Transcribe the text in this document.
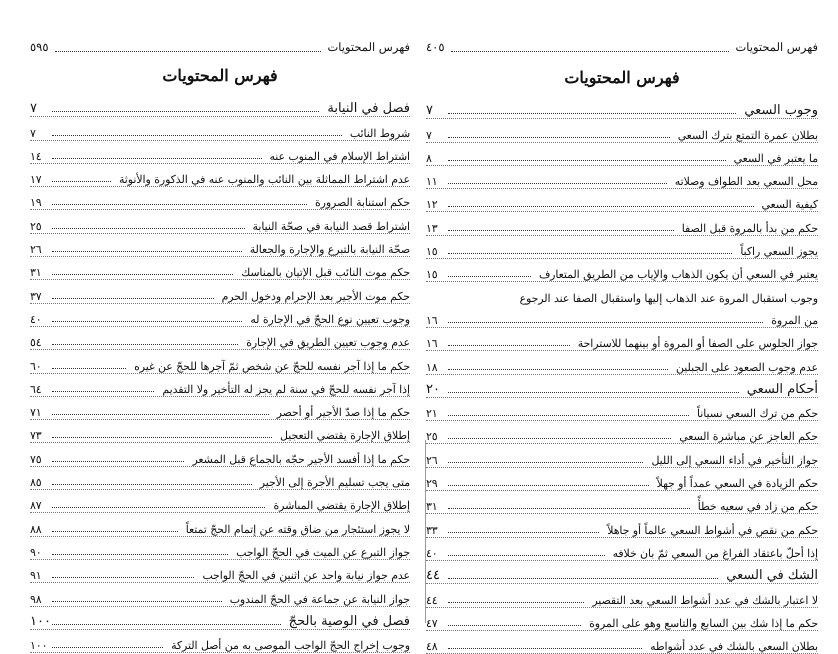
فهرس المحتويات
٤٠٥
فهرس المحتويات
وجوب السعي
٧
بطلان عمرة التمتع بترك السعي
٧
ما يعتبر في السعي
٨
محل السعي بعد الطواف وصلاته
١١
كيفية السعي
١٢
حكم من بدأ بالمروة قبل الصفا
١٣
يجوز السعي راكباً
١٥
يعتبر في السعي أن يكون الذهاب والإياب من الطريق المتعارف
١٥
وجوب استقبال المروة عند الذهاب إليها واستقبال الصفا عند الرجوع
من المروة
١٦
جواز الجلوس على الصفا أو المروة أو بينهما للاستراحة
١٦
عدم وجوب الصعود على الجبلين
١٨
أحكام السعي
٢٠
حكم من ترك السعي نسياناً
٢١
حكم العاجز عن مباشرة السعي
٢٥
جواز التأخير في أداء السعي إلى الليل
٢٦
حكم الزيادة في السعي عمداً أو جهلاً
٢٩
حكم من زاد في سعيه خطأً
٣١
حكم من نقص في أشواط السعي عالماً أو جاهلاً
٣٣
إذا أحلّ باعتقاد الفراغ من السعي ثمّ بان خلافه
٤٠
الشك في السعي
٤٤
لا اعتبار بالشك في عدد أشواط السعي بعد التقصير
٤٤
حكم ما إذا شك بين السابع والتاسع وهو على المروة
٤٧
بطلان السعي بالشك في عدد أشواطه
٤٨
فهرس المحتويات
٥٩٥
فهرس المحتويات
فصل في النيابة
٧
شروط النائب
٧
اشتراط الإسلام في المنوب عنه
١٤
عدم اشتراط المماثلة بين النائب والمنوب عنه في الذكورة والأنوثة
١٧
حكم استنابة الصرورة
١٩
اشتراط قصد النيابة في صحّة النيابة
٢٥
صحّة النيابة بالتبرع والإجارة والجعالة
٢٦
حكم موت النائب قبل الإتيان بالمناسك
٣١
حكم موت الأجير بعد الإحرام ودخول الحرم
٣٧
وجوب تعيين نوع الحجّ في الإجارة له
٤٠
عدم وجوب تعيين الطريق في الإجارة
٥٤
حكم ما إذا آجر نفسه للحجّ عن شخص ثمّ آجرها للحجّ عن غيره
٦٠
إذا آجر نفسه للحجّ في سنة لم يجز له التأخير ولا التقديم
٦٤
حكم ما إذا صدّ الأجير أو أحصر
٧١
إطلاق الإجارة يقتضي التعجيل
٧٣
حكم ما إذا أفسد الأجير حجّه بالجماع قبل المشعر
٧٥
متى يجب تسليم الأجرة إلى الأجير
٨٥
إطلاق الإجارة يقتضي المباشرة
٨٧
لا يجوز استئجار من ضاق وقته عن إتمام الحجّ تمتعاً
٨٨
جواز التبرع عن الميت في الحجّ الواجب
٩٠
عدم جواز نيابة واحد عن اثنين في الحجّ الواجب
٩١
جواز النيابة عن جماعة في الحجّ المندوب
٩٨
فصل في الوصية بالحجّ
١٠٠
وجوب إخراج الحجّ الواجب الموصى به من أصل التركة
١٠٠
